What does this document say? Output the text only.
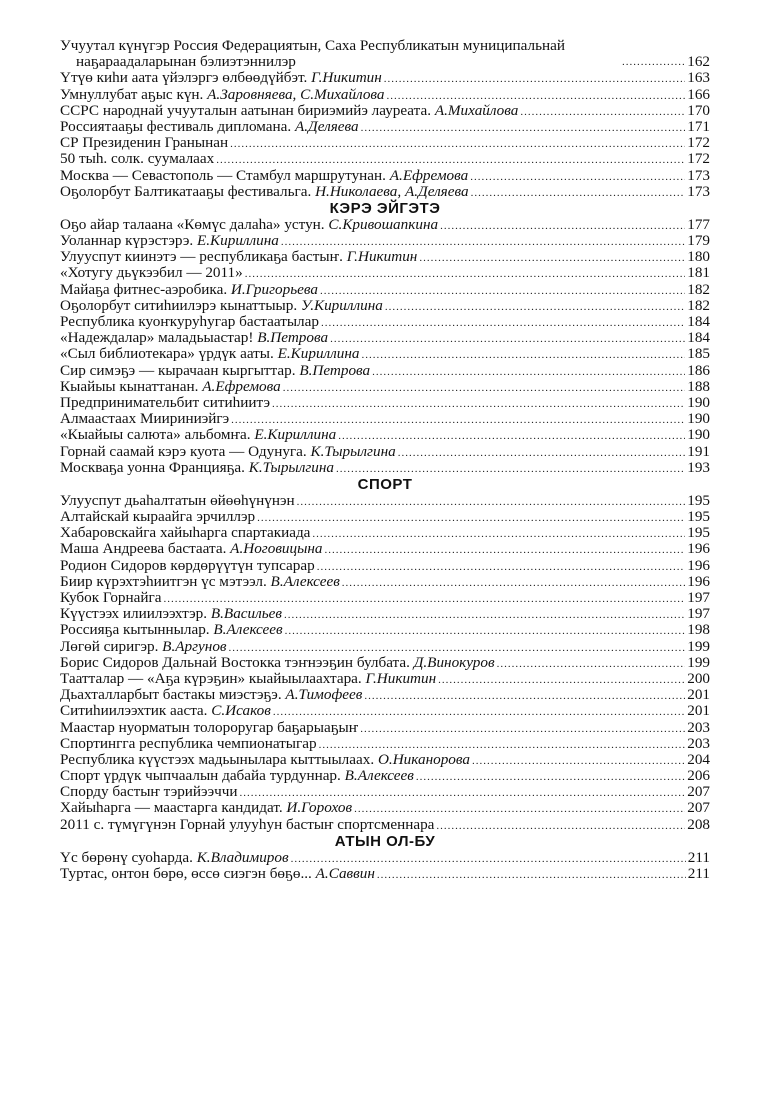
Учуутал күнүгэр Россия Федерациятын, Саха Республикатын муниципальнай
наҕараадаларынан бэлиэтэннилэр .....	162
Үтүө киһи аата үйэлэргэ өлбөөдүйбэт. Г.Никитин .....	163
Умнуллубат аҕыс күн. А.Заровняева, С.Михайлова .....	166
ССРС народнай учууталын аатынан бириэмийэ лауреата. А.Михайлова .....	170
Россиятааҕы фестиваль дипломана. А.Деляева .....	171
СР Президенин Гранынан .....	172
50 тыһ. солк. суумалаах .....	172
Москва — Севастополь — Стамбул маршрутунан. А.Ефремова .....	173
Оҕолорбут Балтикатааҕы фестивальга. Н.Николаева, А.Деляева .....	173
КЭРЭ ЭЙГЭТЭ
Оҕо айар талаана «Көмүс далаһа» устун. С.Кривошапкина .....	177
Уоланнар күрэстэрэ. Е.Кириллина .....	179
Улууспут киинэтэ — республикаҕа бастыҥ. Г.Никитин .....	180
«Хотугу дьүкээбил — 2011» .....	181
Майаҕа фитнес-аэробика. И.Григорьева .....	182
Оҕолорбут ситиһиилэрэ кынаттыыр. У.Кириллина .....	182
Республика куоҥкуруһугар бастаатылар .....	184
«Надеждалар» маладьыастар! В.Петрова .....	184
«Сыл библиотекара» үрдүк ааты. Е.Кириллина .....	185
Сир симэҕэ — кырачаан кыргыттар. В.Петрова .....	186
Кыайыы кынаттанан. А.Ефремова .....	188
Предпринимательбит ситиһиитэ .....	190
Алмаастаах Миириниэйгэ .....	190
«Кыайыы салюта» альбомҥа. Е.Кириллина .....	190
Горнай саамай кэрэ куота — Одунуга. К.Тырылгина .....	191
Москваҕа уонна Францияҕа. К.Тырылгина .....	193
СПОРТ
Улууспут дьаһалтатын өйөөһүнүнэн .....	195
Алтайскай кыраайга эрчиллэр .....	195
Хабаровскайга хайыһарга спартакиада .....	195
Маша Андреева бастаата. А.Ноговицына .....	196
Родион Сидоров көрдөрүүтүн тупсарар .....	196
Биир күрэхтэһиитгэн үс мэтээл. В.Алексеев .....	196
Кубок Горнайга .....	197
Күүстээх илиилээхтэр. В.Васильев .....	197
Россияҕа кытыннылар. В.Алексеев .....	198
Лөгөй сиригэр. В.Аргунов .....	199
Борис Сидоров Дальнай Востокка тэҥнээҕин булбата. Д.Винокуров .....	199
Таатталар — «Аҕа күрэҕин» кыайыылаахтара. Г.Никитин .....	200
Дьахталларбыт бастакы миэстэҕэ. А.Тимофеев .....	201
Ситиһиилээхтик аастa. С.Исаков .....	201
Маастар нуорматын толороругар баҕарыаҕыҥ .....	203
Спортингга республика чемпионатыгар .....	203
Республика күүстээх мадьыныларa кыттыылаах. О.Никанорова .....	204
Спорт үрдүк чыпчаалын дабайа турдуннар. В.Алексеев .....	206
Спорду бастыҥ тэрийээччи .....	207
Хайыһарга — маастарга кандидат. И.Горохов .....	207
2011 с. түмүгүнэн Горнай улууһун бастыҥ спортсменнара .....	208
АТЫН ОЛ-БУ
Үс бөрөнү суоһарда. К.Владимиров .....	211
Туртас, онтон бөрө, өссө сиэгэн бөҕө... А.Саввин .....	211
